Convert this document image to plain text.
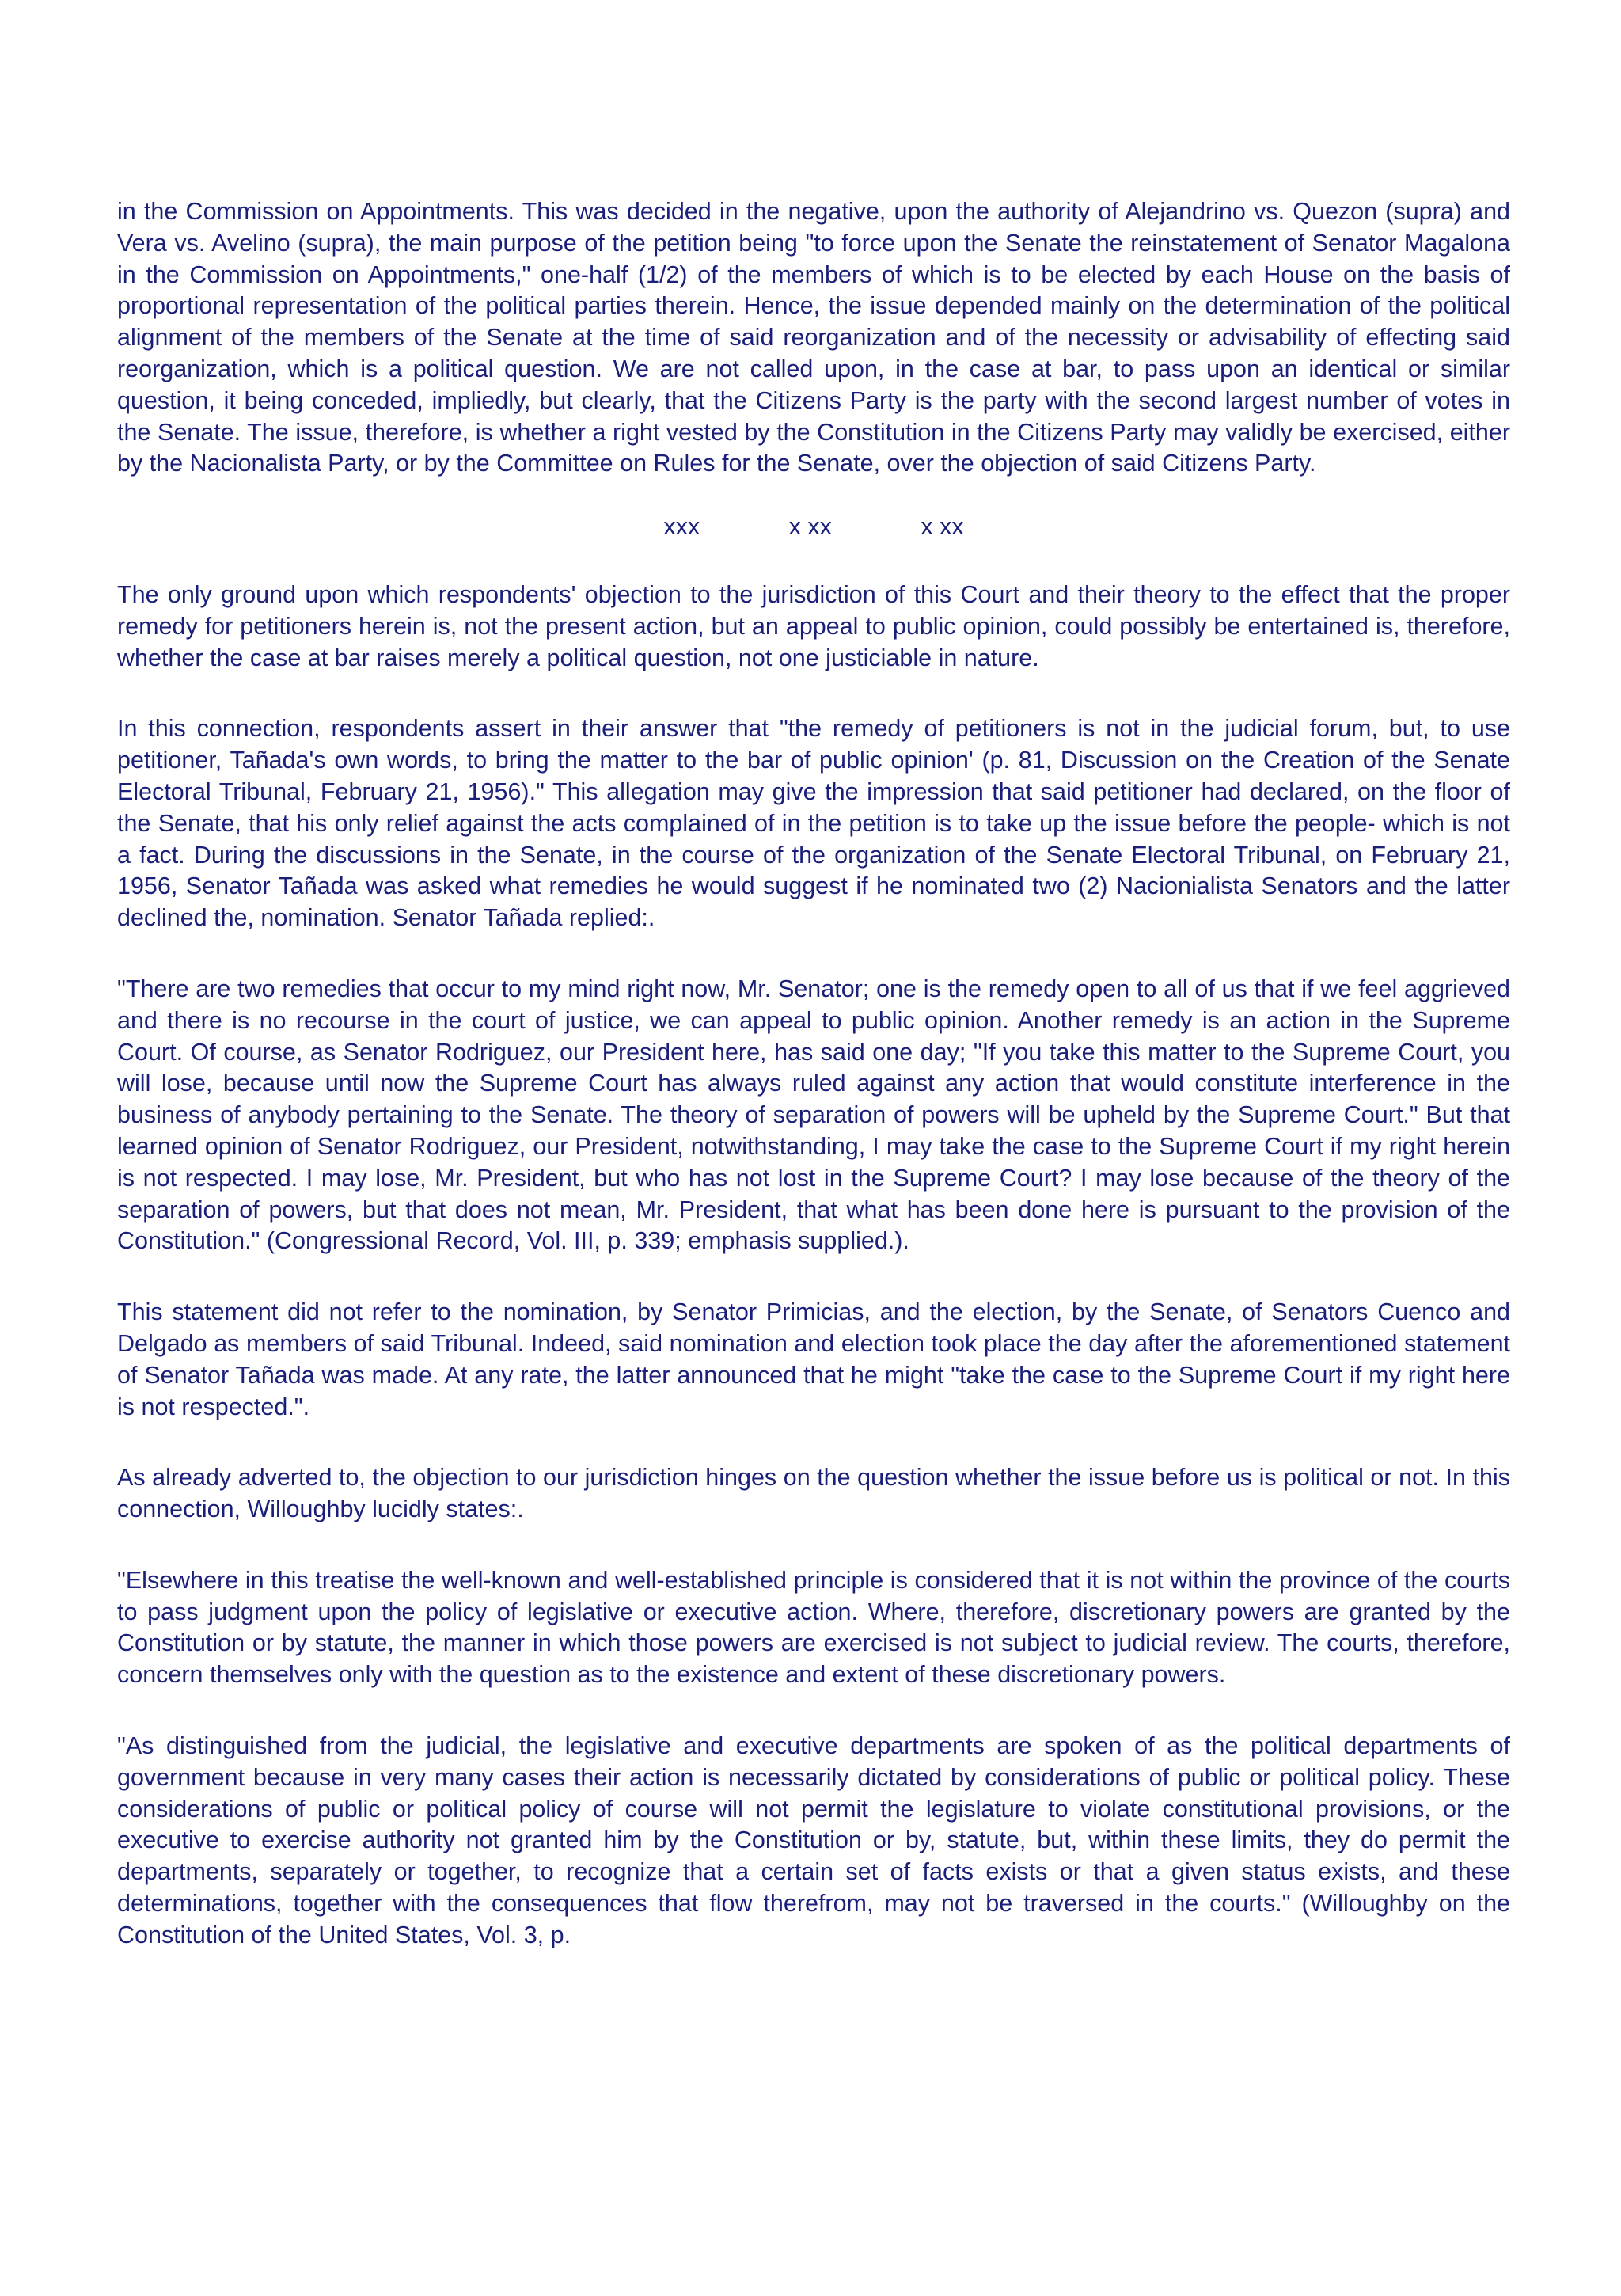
in the Commission on Appointments. This was decided in the negative, upon the authority of Alejandrino vs. Quezon (supra) and Vera vs. Avelino (supra), the main purpose of the petition being "to force upon the Senate the reinstatement of Senator Magalona in the Commission on Appointments," one-half (1/2) of the members of which is to be elected by each House on the basis of proportional representation of the political parties therein. Hence, the issue depended mainly on the determination of the political alignment of the members of the Senate at the time of said reorganization and of the necessity or advisability of effecting said reorganization, which is a political question. We are not called upon, in the case at bar, to pass upon an identical or similar question, it being conceded, impliedly, but clearly, that the Citizens Party is the party with the second largest number of votes in the Senate. The issue, therefore, is whether a right vested by the Constitution in the Citizens Party may validly be exercised, either by the Nacionalista Party, or by the Committee on Rules for the Senate, over the objection of said Citizens Party.

xxx	x xx	x xx

The only ground upon which respondents' objection to the jurisdiction of this Court and their theory to the effect that the proper remedy for petitioners herein is, not the present action, but an appeal to public opinion, could possibly be entertained is, therefore, whether the case at bar raises merely a political question, not one justiciable in nature.

In this connection, respondents assert in their answer that "the remedy of petitioners is not in the judicial forum, but, to use petitioner, Tañada's own words, to bring the matter to the bar of public opinion' (p. 81, Discussion on the Creation of the Senate Electoral Tribunal, February 21, 1956)." This allegation may give the impression that said petitioner had declared, on the floor of the Senate, that his only relief against the acts complained of in the petition is to take up the issue before the people- which is not a fact. During the discussions in the Senate, in the course of the organization of the Senate Electoral Tribunal, on February 21, 1956, Senator Tañada was asked what remedies he would suggest if he nominated two (2) Nacionialista Senators and the latter declined the, nomination. Senator Tañada replied:.

"There are two remedies that occur to my mind right now, Mr. Senator; one is the remedy open to all of us that if we feel aggrieved and there is no recourse in the court of justice, we can appeal to public opinion. Another remedy is an action in the Supreme Court. Of course, as Senator Rodriguez, our President here, has said one day; "If you take this matter to the Supreme Court, you will lose, because until now the Supreme Court has always ruled against any action that would constitute interference in the business of anybody pertaining to the Senate. The theory of separation of powers will be upheld by the Supreme Court." But that learned opinion of Senator Rodriguez, our President, notwithstanding, I may take the case to the Supreme Court if my right herein is not respected. I may lose, Mr. President, but who has not lost in the Supreme Court? I may lose because of the theory of the separation of powers, but that does not mean, Mr. President, that what has been done here is pursuant to the provision of the Constitution." (Congressional Record, Vol. III, p. 339; emphasis supplied.).

This statement did not refer to the nomination, by Senator Primicias, and the election, by the Senate, of Senators Cuenco and Delgado as members of said Tribunal. Indeed, said nomination and election took place the day after the aforementioned statement of Senator Tañada was made. At any rate, the latter announced that he might "take the case to the Supreme Court if my right here is not respected.".

As already adverted to, the objection to our jurisdiction hinges on the question whether the issue before us is political or not. In this connection, Willoughby lucidly states:.

"Elsewhere in this treatise the well-known and well-established principle is considered that it is not within the province of the courts to pass judgment upon the policy of legislative or executive action. Where, therefore, discretionary powers are granted by the Constitution or by statute, the manner in which those powers are exercised is not subject to judicial review. The courts, therefore, concern themselves only with the question as to the existence and extent of these discretionary powers.

"As distinguished from the judicial, the legislative and executive departments are spoken of as the political departments of government because in very many cases their action is necessarily dictated by considerations of public or political policy. These considerations of public or political policy of course will not permit the legislature to violate constitutional provisions, or the executive to exercise authority not granted him by the Constitution or by, statute, but, within these limits, they do permit the departments, separately or together, to recognize that a certain set of facts exists or that a given status exists, and these determinations, together with the consequences that flow therefrom, may not be traversed in the courts." (Willoughby on the Constitution of the United States, Vol. 3, p.
